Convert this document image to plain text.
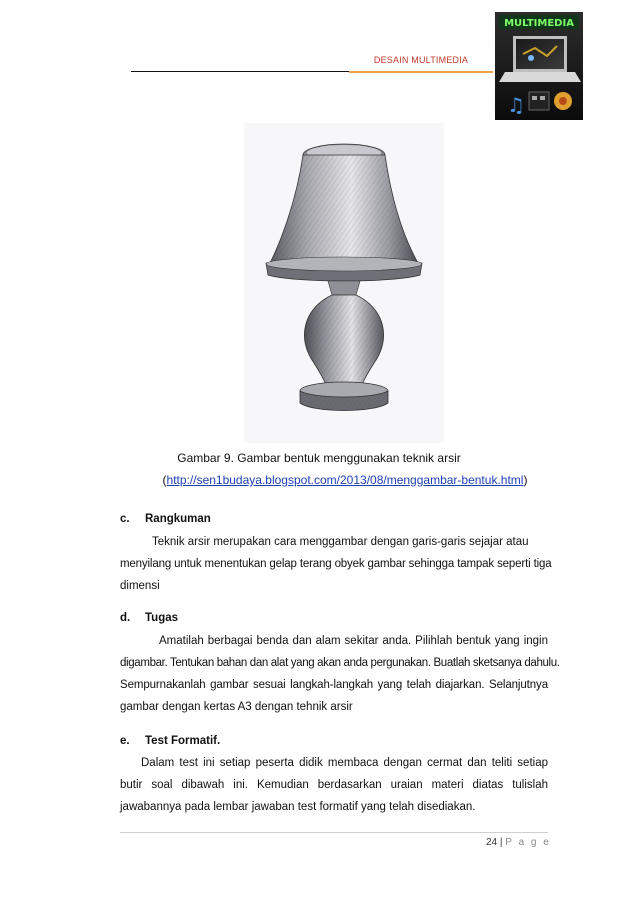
DESAIN MULTIMEDIA
MULTIMEDIA
♫
Gambar 9. Gambar bentuk menggunakan teknik arsir
(http://sen1budaya.blogspot.com/2013/08/menggambar-bentuk.html)
c. Rangkuman
Teknik arsir merupakan cara menggambar dengan garis-garis sejajar atau
menyilang untuk menentukan gelap terang obyek gambar sehingga tampak seperti tiga
dimensi
d. Tugas
Amatilah berbagai benda dan alam sekitar anda. Pilihlah bentuk yang ingin
digambar. Tentukan bahan dan alat yang akan anda pergunakan. Buatlah sketsanya dahulu.
Sempurnakanlah gambar sesuai langkah-langkah yang telah diajarkan. Selanjutnya
gambar dengan kertas A3 dengan tehnik arsir
e. Test Formatif.
Dalam test ini setiap peserta didik membaca dengan cermat dan teliti setiap
butir soal dibawah ini. Kemudian berdasarkan uraian materi diatas tulislah
jawabannya pada lembar jawaban test formatif yang telah disediakan.
24 | P a g e
